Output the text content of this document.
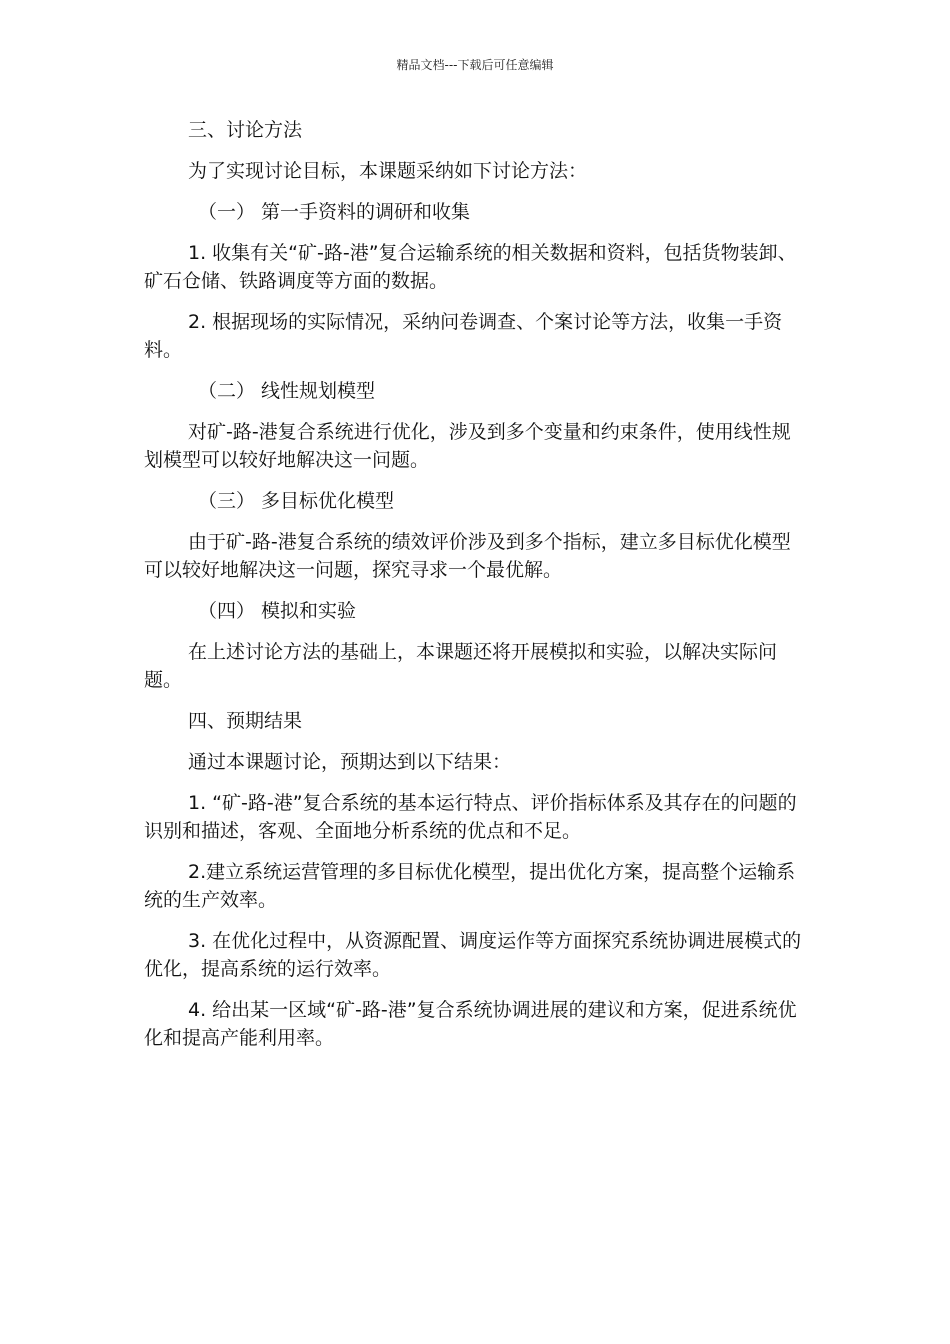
精品文档---下载后可任意编辑
三、讨论方法
为了实现讨论目标，本课题采纳如下讨论方法：
（一） 第一手资料的调研和收集
1. 收集有关“矿-路-港”复合运输系统的相关数据和资料，包括货物装卸、矿石仓储、铁路调度等方面的数据。
2. 根据现场的实际情况，采纳问卷调查、个案讨论等方法，收集一手资料。
（二） 线性规划模型
对矿-路-港复合系统进行优化，涉及到多个变量和约束条件，使用线性规划模型可以较好地解决这一问题。
（三） 多目标优化模型
由于矿-路-港复合系统的绩效评价涉及到多个指标，建立多目标优化模型可以较好地解决这一问题，探究寻求一个最优解。
（四） 模拟和实验
在上述讨论方法的基础上，本课题还将开展模拟和实验，以解决实际问题。
四、预期结果
通过本课题讨论，预期达到以下结果：
1. “矿-路-港”复合系统的基本运行特点、评价指标体系及其存在的问题的识别和描述，客观、全面地分析系统的优点和不足。
2.建立系统运营管理的多目标优化模型，提出优化方案，提高整个运输系统的生产效率。
3. 在优化过程中，从资源配置、调度运作等方面探究系统协调进展模式的优化，提高系统的运行效率。
4. 给出某一区域“矿-路-港”复合系统协调进展的建议和方案，促进系统优化和提高产能利用率。
